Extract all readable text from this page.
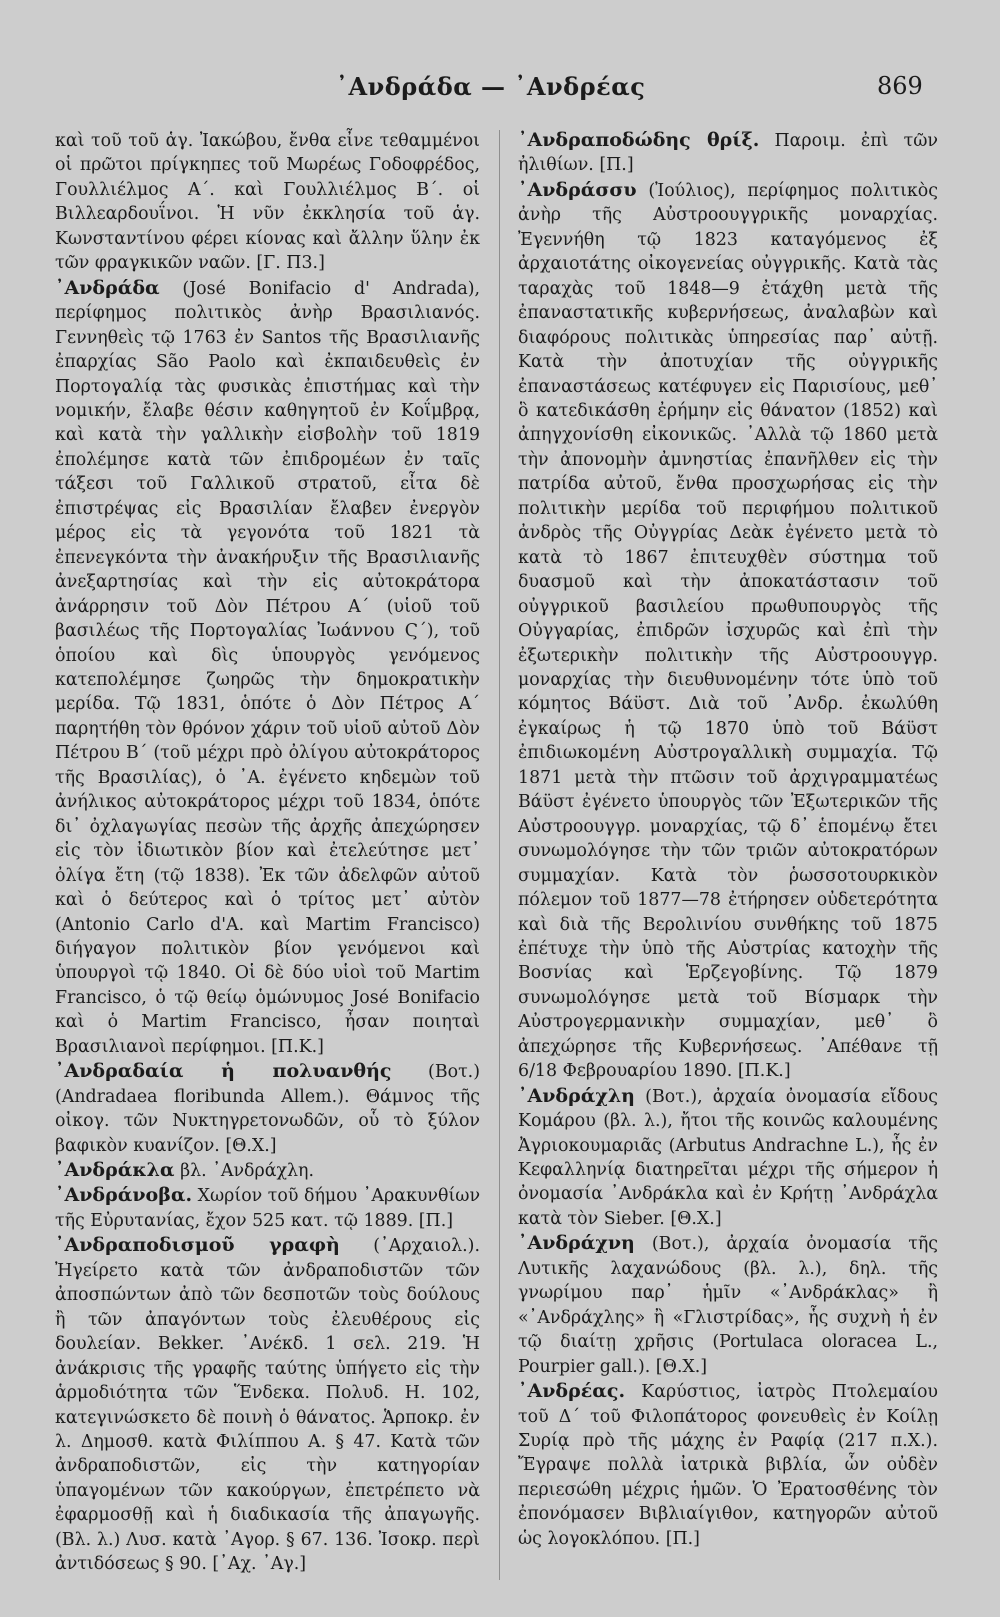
᾿Ανδράδα — ᾿Ανδρέας	869

καὶ τοῦ τοῦ ἁγ. Ἰακώβου, ἔνθα εἶνε τεθαμμένοι οἱ πρῶτοι πρίγκηπες τοῦ Μωρέως Γοδοφρέδος, Γουλλιέλμος Α΄. καὶ Γουλλιέλμος Β΄. οἱ Βιλλεαρδουΐνοι. Ἡ νῦν ἐκκλησία τοῦ ἁγ. Κωνσταντίνου φέρει κίονας καὶ ἄλλην ὕλην ἐκ τῶν φραγκικῶν ναῶν. [Γ. Π3.]

᾿Ανδράδα (José Bonifacio d' Andrada), περίφημος πολιτικὸς ἀνὴρ Βρασιλιανός. Γεννηθεὶς τῷ 1763 ἐν Santos τῆς Βρασιλιανῆς ἐπαρχίας São Paolo καὶ ἐκπαιδευθεὶς ἐν Πορτογαλίᾳ τὰς φυσικὰς ἐπιστήμας καὶ τὴν νομικήν, ἔλαβε θέσιν καθηγητοῦ ἐν Κοΐμβρᾳ, καὶ κατὰ τὴν γαλλικὴν εἰσβολὴν τοῦ 1819 ἐπολέμησε κατὰ τῶν ἐπιδρομέων ἐν ταῖς τάξεσι τοῦ Γαλλικοῦ στρατοῦ, εἶτα δὲ ἐπιστρέψας εἰς Βρασιλίαν ἔλαβεν ἐνεργὸν μέρος εἰς τὰ γεγονότα τοῦ 1821 τὰ ἐπενεγκόντα τὴν ἀνακήρυξιν τῆς Βρασιλιανῆς ἀνεξαρτησίας καὶ τὴν εἰς αὐτοκράτορα ἀνάρρησιν τοῦ Δὸν Πέτρου Α΄ (υἱοῦ τοῦ βασιλέως τῆς Πορτογαλίας Ἰωάννου Ϛ΄), τοῦ ὁποίου καὶ δὶς ὑπουργὸς γενόμενος κατεπολέμησε ζωηρῶς τὴν δημοκρατικὴν μερίδα. Τῷ 1831, ὁπότε ὁ Δὸν Πέτρος Α΄ παρητήθη τὸν θρόνον χάριν τοῦ υἱοῦ αὐτοῦ Δὸν Πέτρου Β΄ (τοῦ μέχρι πρὸ ὀλίγου αὐτοκράτορος τῆς Βρασιλίας), ὁ ᾿Α. ἐγένετο κηδεμὼν τοῦ ἀνήλικος αὐτοκράτορος μέχρι τοῦ 1834, ὁπότε δι᾿ ὀχλαγωγίας πεσὼν τῆς ἀρχῆς ἀπεχώρησεν εἰς τὸν ἰδιωτικὸν βίον καὶ ἐτελεύτησε μετ᾿ ὀλίγα ἔτη (τῷ 1838). Ἐκ τῶν ἀδελφῶν αὐτοῦ καὶ ὁ δεύτερος καὶ ὁ τρίτος μετ᾿ αὐτὸν (Antonio Carlo d'A. καὶ Martim Francisco) διήγαγον πολιτικὸν βίον γενόμενοι καὶ ὑπουργοὶ τῷ 1840. Οἱ δὲ δύο υἱοὶ τοῦ Martim Francisco, ὁ τῷ θείῳ ὁμώνυμος José Bonifacio καὶ ὁ Martim Francisco, ἦσαν ποιηταὶ Βρασιλιανοὶ περίφημοι. [Π.Κ.]

᾿Ανδραδαία ἡ πολυανθής (Βοτ.) (Andradaea floribunda Allem.). Θάμνος τῆς οἰκογ. τῶν Νυκτηγρετονωδῶν, οὗ τὸ ξύλον βαφικὸν κυανίζον. [Θ.Χ.]

᾿Ανδράκλα βλ. ᾿Ανδράχλη.

᾿Ανδράνοβα. Χωρίον τοῦ δήμου ᾿Αρακυνθίων τῆς Εὐρυτανίας, ἔχον 525 κατ. τῷ 1889. [Π.]

᾿Ανδραποδισμοῦ γραφὴ (᾿Αρχαιολ.). Ἠγείρετο κατὰ τῶν ἀνδραποδιστῶν τῶν ἀποσπώντων ἀπὸ τῶν δεσποτῶν τοὺς δούλους ἢ τῶν ἀπαγόντων τοὺς ἐλευθέρους εἰς δουλείαν. Bekker. ᾿Ανέκδ. 1 σελ. 219. Ἡ ἀνάκρισις τῆς γραφῆς ταύτης ὑπήγετο εἰς τὴν ἁρμοδιότητα τῶν Ἕνδεκα. Πολυδ. Η. 102, κατεγινώσκετο δὲ ποινὴ ὁ θάνατος. Ἁρποκρ. ἐν λ. Δημοσθ. κατὰ Φιλίππου Α. § 47. Κατὰ τῶν ἀνδραποδιστῶν, εἰς τὴν κατηγορίαν ὑπαγομένων τῶν κακούργων, ἐπετρέπετο νὰ ἐφαρμοσθῇ καὶ ἡ διαδικασία τῆς ἀπαγωγῆς. (Βλ. λ.) Λυσ. κατὰ ᾿Αγορ. § 67. 136. Ἰσοκρ. περὶ ἀντιδόσεως § 90. [᾿Αχ. ᾿Αγ.]

᾿Ανδραποδώδης θρίξ. Παροιμ. ἐπὶ τῶν ἠλιθίων. [Π.]

᾿Ανδράσσυ (Ἰούλιος), περίφημος πολιτικὸς ἀνὴρ τῆς Αὐστροουγγρικῆς μοναρχίας. Ἐγεννήθη τῷ 1823 καταγόμενος ἐξ ἀρχαιοτάτης οἰκογενείας οὐγγρικῆς. Κατὰ τὰς ταραχὰς τοῦ 1848—9 ἐτάχθη μετὰ τῆς ἐπαναστατικῆς κυβερνήσεως, ἀναλαβὼν καὶ διαφόρους πολιτικὰς ὑπηρεσίας παρ᾿ αὐτῇ. Κατὰ τὴν ἀποτυχίαν τῆς οὐγγρικῆς ἐπαναστάσεως κατέφυγεν εἰς Παρισίους, μεθ᾿ ὃ κατεδικάσθη ἐρήμην εἰς θάνατον (1852) καὶ ἀπηγχονίσθη εἰκονικῶς. ᾿Αλλὰ τῷ 1860 μετὰ τὴν ἀπονομὴν ἀμνηστίας ἐπανῆλθεν εἰς τὴν πατρίδα αὐτοῦ, ἔνθα προσχωρήσας εἰς τὴν πολιτικὴν μερίδα τοῦ περιφήμου πολιτικοῦ ἀνδρὸς τῆς Οὐγγρίας Δεὰκ ἐγένετο μετὰ τὸ κατὰ τὸ 1867 ἐπιτευχθὲν σύστημα τοῦ δυασμοῦ καὶ τὴν ἀποκατάστασιν τοῦ οὐγγρικοῦ βασιλείου πρωθυπουργὸς τῆς Οὐγγαρίας, ἐπιδρῶν ἰσχυρῶς καὶ ἐπὶ τὴν ἐξωτερικὴν πολιτικὴν τῆς Αὐστροουγγρ. μοναρχίας τὴν διευθυνομένην τότε ὑπὸ τοῦ κόμητος Βάϋστ. Διὰ τοῦ ᾿Ανδρ. ἐκωλύθη ἐγκαίρως ἡ τῷ 1870 ὑπὸ τοῦ Βάϋστ ἐπιδιωκομένη Αὐστρογαλλικὴ συμμαχία. Τῷ 1871 μετὰ τὴν πτῶσιν τοῦ ἀρχιγραμματέως Βάϋστ ἐγένετο ὑπουργὸς τῶν Ἐξωτερικῶν τῆς Αὐστροουγγρ. μοναρχίας, τῷ δ᾿ ἑπομένῳ ἔτει συνωμολόγησε τὴν τῶν τριῶν αὐτοκρατόρων συμμαχίαν. Κατὰ τὸν ῥωσσοτουρκικὸν πόλεμον τοῦ 1877—78 ἐτήρησεν οὐδετερότητα καὶ διὰ τῆς Βερολινίου συνθήκης τοῦ 1875 ἐπέτυχε τὴν ὑπὸ τῆς Αὐστρίας κατοχὴν τῆς Βοσνίας καὶ Ἑρζεγοβίνης. Τῷ 1879 συνωμολόγησε μετὰ τοῦ Βίσμαρκ τὴν Αὐστρογερμανικὴν συμμαχίαν, μεθ᾿ ὃ ἀπεχώρησε τῆς Κυβερνήσεως. ᾿Απέθανε τῇ 6/18 Φεβρουαρίου 1890. [Π.Κ.]

᾿Ανδράχλη (Βοτ.), ἀρχαία ὀνομασία εἴδους Κομάρου (βλ. λ.), ἤτοι τῆς κοινῶς καλουμένης Ἀγριοκουμαριᾶς (Arbutus Andrachne L.), ἧς ἐν Κεφαλληνίᾳ διατηρεῖται μέχρι τῆς σήμερον ἡ ὀνομασία ᾿Ανδράκλα καὶ ἐν Κρήτῃ ᾿Ανδράχλα κατὰ τὸν Sieber. [Θ.Χ.]

᾿Ανδράχνη (Βοτ.), ἀρχαία ὀνομασία τῆς Λυτικῆς λαχανώδους (βλ. λ.), δηλ. τῆς γνωρίμου παρ᾿ ἡμῖν «᾿Ανδράκλας» ἢ «᾿Ανδράχλης» ἢ «Γλιστρίδας», ἧς συχνὴ ἡ ἐν τῷ διαίτῃ χρῆσις (Portulaca oloracea L., Pourpier gall.). [Θ.Χ.]

᾿Ανδρέας. Καρύστιος, ἰατρὸς Πτολεμαίου τοῦ Δ΄ τοῦ Φιλοπάτορος φονευθεὶς ἐν Κοίλῃ Συρίᾳ πρὸ τῆς μάχης ἐν Ραφίᾳ (217 π.Χ.). Ἔγραψε πολλὰ ἰατρικὰ βιβλία, ὧν οὐδὲν περιεσώθη μέχρις ἡμῶν. Ὁ Ἐρατοσθένης τὸν ἐπονόμασεν Βιβλιαίγιθον, κατηγορῶν αὐτοῦ ὡς λογοκλόπου. [Π.]
